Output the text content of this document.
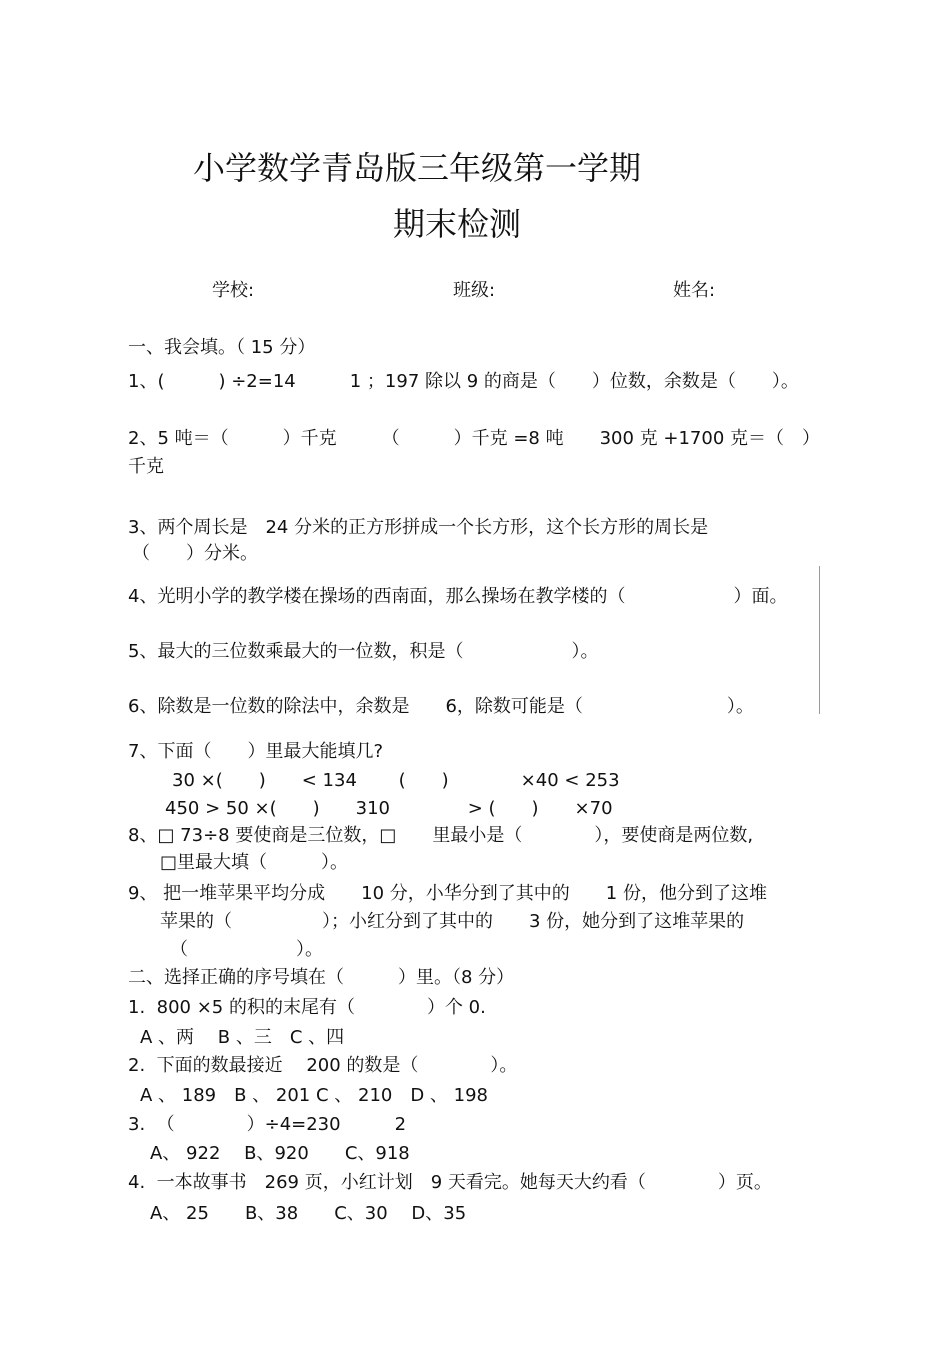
小学数学青岛版三年级第一学期
期末检测
学校:	班级:	姓名:
一、我会填。（ 15 分）
1、(　　　) ÷2=14　　　1 ；197 除以 9 的商是（　　）位数，余数是（　　）。
2、5 吨＝（　　　）千克　　　（　　　）千克 =8 吨　　300 克 +1700 克＝（　）
千克
3、两个周长是　24 分米的正方形拼成一个长方形，这个长方形的周长是
（　　）分米。
4、光明小学的教学楼在操场的西南面，那么操场在教学楼的（　　　　　　）面。
5、最大的三位数乘最大的一位数，积是（　　　　　　）。
6、除数是一位数的除法中，余数是　　6，除数可能是（　　　　　　　　）。
7、下面（　　）里最大能填几?
30 ×(　　)　　< 134　　 (　　)　　　　×40 < 253
450 > 50 ×(　　)　　310　　　　 > (　　)　　×70
8、□ 73÷8 要使商是三位数，□　　里最小是（　　　　），要使商是两位数,
□里最大填（　　　）。
9、 把一堆苹果平均分成　　10 分，小华分到了其中的　　1 份，他分到了这堆
苹果的（　　　　　）；小红分到了其中的　　3 份，她分到了这堆苹果的
（　　　　　　）。
二、选择正确的序号填在（　　　）里。（8 分）
1.  800 ×5 的积的末尾有（　　　　）个 0.
A 、两　 B 、三　C 、四
2.  下面的数最接近　 200 的数是（　　　　）。
A 、 189　B 、 201 C 、 210　D 、 198
3.  （　　　　）÷4=230　　　2
A、 922　 B、920　　C、918
4.  一本故事书　269 页，小红计划　9 天看完。她每天大约看（　　　　）页。
A、 25　　B、38　　C、30　 D、35
